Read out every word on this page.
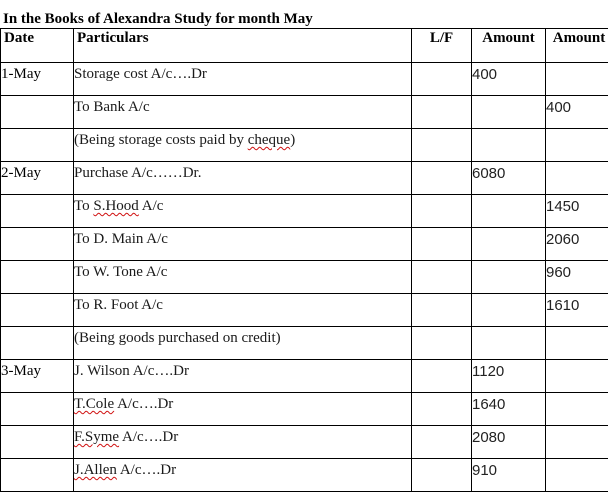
In the Books of Alexandra Study for month May
Date	Particulars	L/F	Amount	Amount

1-May	Storage cost A/c….Dr		400	

	To Bank A/c			400

	(Being storage costs paid by cheque)			

2-May	Purchase A/c……Dr.		6080	

	To S.Hood A/c			1450

	To D. Main A/c			2060

	To W. Tone A/c			960

	To R. Foot A/c			1610

	(Being goods purchased on credit)			

3-May	J. Wilson A/c….Dr		1120	

	T.Cole A/c….Dr		1640	

	F.Syme A/c….Dr		2080	

	J.Allen A/c….Dr		910	
